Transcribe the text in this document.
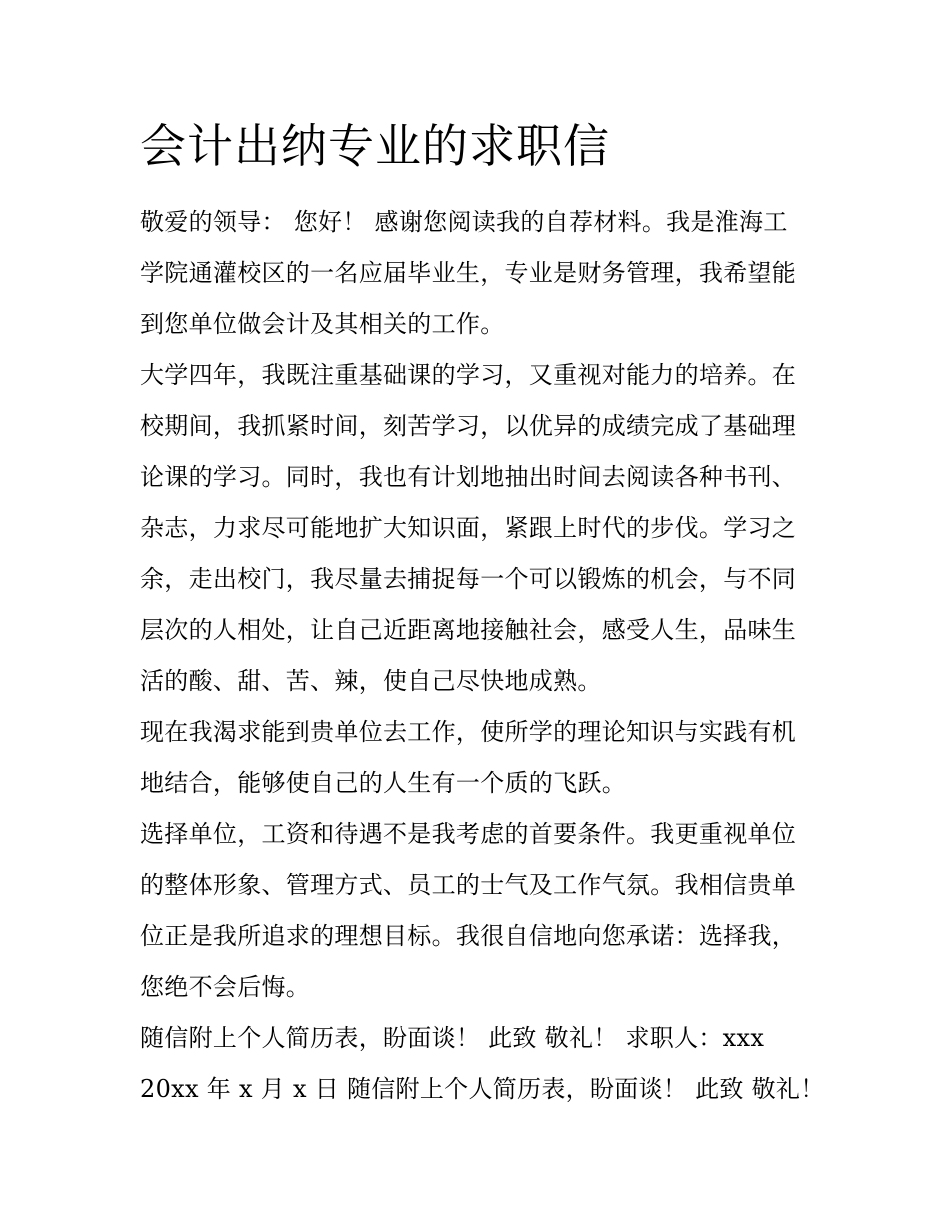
会计出纳专业的求职信
敬爱的领导： 您好！ 感谢您阅读我的自荐材料。我是淮海工
学院通灌校区的一名应届毕业生，专业是财务管理，我希望能
到您单位做会计及其相关的工作。
大学四年，我既注重基础课的学习，又重视对能力的培养。在
校期间，我抓紧时间，刻苦学习，以优异的成绩完成了基础理
论课的学习。同时，我也有计划地抽出时间去阅读各种书刊、
杂志，力求尽可能地扩大知识面，紧跟上时代的步伐。学习之
余，走出校门，我尽量去捕捉每一个可以锻炼的机会，与不同
层次的人相处，让自己近距离地接触社会，感受人生，品味生
活的酸、甜、苦、辣，使自己尽快地成熟。
现在我渴求能到贵单位去工作，使所学的理论知识与实践有机
地结合，能够使自己的人生有一个质的飞跃。
选择单位，工资和待遇不是我考虑的首要条件。我更重视单位
的整体形象、管理方式、员工的士气及工作气氛。我相信贵单
位正是我所追求的理想目标。我很自信地向您承诺：选择我，
您绝不会后悔。
随信附上个人简历表，盼面谈！ 此致 敬礼！ 求职人：xxx
20xx 年 x 月 x 日 随信附上个人简历表，盼面谈！ 此致 敬礼！
